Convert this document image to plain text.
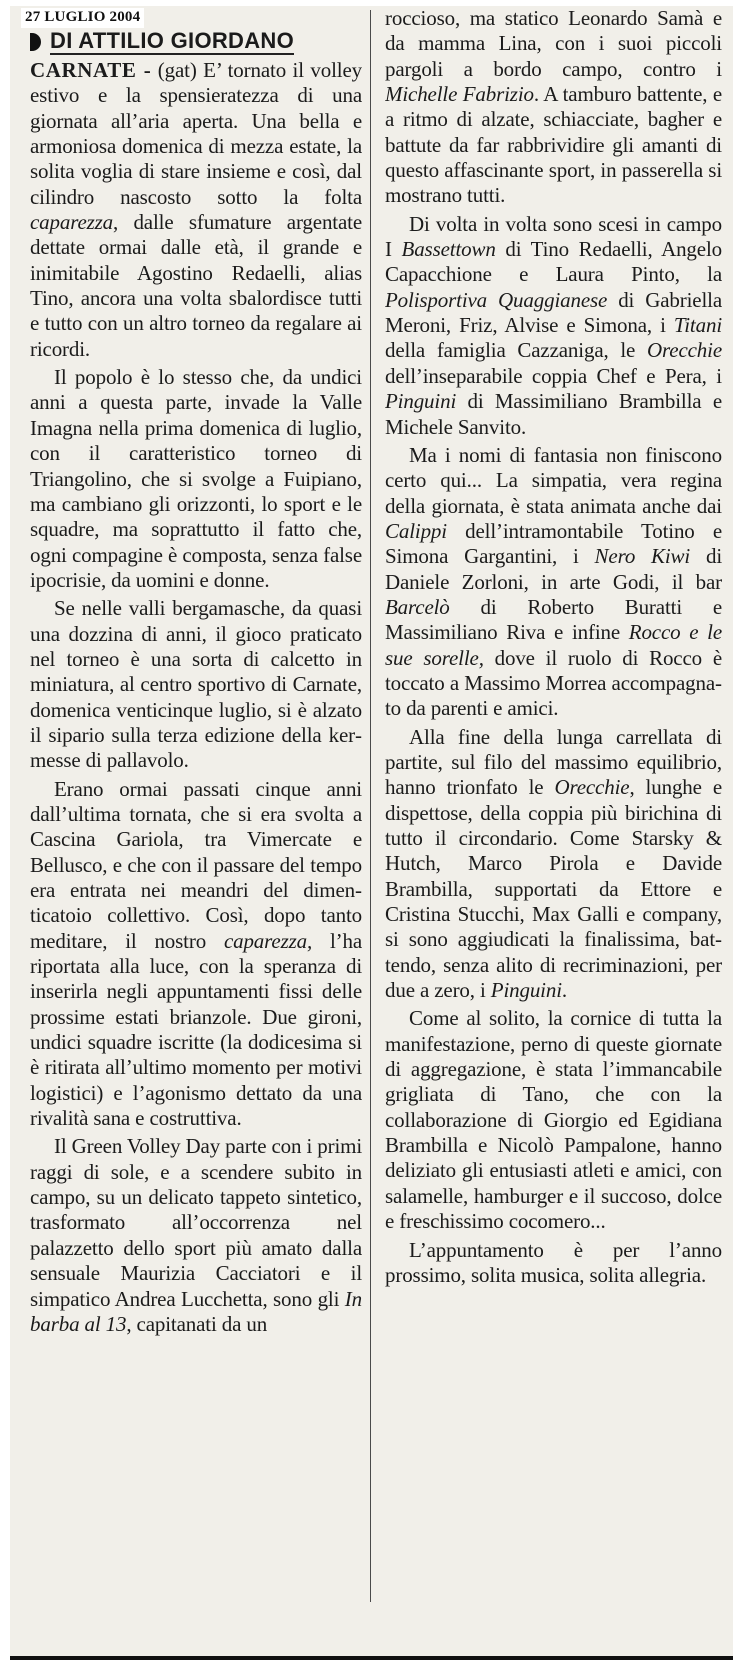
27 LUGLIO 2004
DI ATTILIO GIORDANO

CARNATE - (gat) E’ tornato il volley estivo e la spensieratezza di una giornata all’aria aperta. Una bella e armoniosa domenica di mezza estate, la solita voglia di stare insieme e così, dal cilindro nascosto sotto la folta caparezza, dalle sfumature argentate dettate ormai dalle età, il grande e inimitabile Agostino Redaelli, alias Tino, ancora una volta sbalordisce tutti e tutto con un altro torneo da regalare ai ricordi.

Il popolo è lo stesso che, da undici anni a questa parte, invade la Valle Imagna nella prima domenica di luglio, con il caratteristico torneo di Triangolino, che si svolge a Fuipiano, ma cambiano gli orizzonti, lo sport e le squadre, ma soprattutto il fatto che, ogni compagine è composta, senza false ipocrisie, da uomini e donne.

Se nelle valli bergamasche, da quasi una dozzina di anni, il gioco praticato nel torneo è una sorta di calcetto in miniatura, al centro sportivo di Carnate, domenica venticinque luglio, si è alzato il sipario sulla terza edizione della kermesse di pallavolo.

Erano ormai passati cinque anni dall’ultima tornata, che si era svolta a Cascina Gariola, tra Vimercate e Bellusco, e che con il passare del tempo era entrata nei meandri del dimenticatoio collettivo. Così, dopo tanto meditare, il nostro caparezza, l’ha riportata alla luce, con la speranza di inserirla negli appuntamenti fissi delle prossime estati brianzole. Due gironi, undici squadre iscritte (la dodicesima si è ritirata all’ultimo momento per motivi logistici) e l’agonismo dettato da una rivalità sana e costruttiva.

Il Green Volley Day parte con i primi raggi di sole, e a scendere subito in campo, su un delicato tappeto sintetico, trasformato all’occorrenza nel palazzetto dello sport più amato dalla sensuale Maurizia Cacciatori e il simpatico Andrea Lucchetta, sono gli In barba al 13, capitanati da un

roccioso, ma statico Leonardo Samà e da mamma Lina, con i suoi piccoli pargoli a bordo campo, contro i Michelle Fabrizio. A tamburo battente, e a ritmo di alzate, schiacciate, bagher e battute da far rabbrividire gli amanti di questo affascinante sport, in passerella si mostrano tutti.

Di volta in volta sono scesi in campo I Bassettown di Tino Redaelli, Angelo Capacchione e Laura Pinto, la Polisportiva Quaggianese di Gabriella Meroni, Friz, Alvise e Simona, i Titani della famiglia Cazzaniga, le Orecchie dell’inseparabile coppia Chef e Pera, i Pinguini di Massimiliano Brambilla e Michele Sanvito.

Ma i nomi di fantasia non finiscono certo qui... La simpatia, vera regina della giornata, è stata animata anche dai Calippi dell’intramontabile Totino e Simona Gargantini, i Nero Kiwi di Daniele Zorloni, in arte Godi, il bar Barcelò di Roberto Buratti e Massimiliano Riva e infine Rocco e le sue sorelle, dove il ruolo di Rocco è toccato a Massimo Morrea accompagnato da parenti e amici.

Alla fine della lunga carrellata di partite, sul filo del massimo equilibrio, hanno trionfato le Orecchie, lunghe e dispettose, della coppia più birichina di tutto il circondario. Come Starsky & Hutch, Marco Pirola e Davide Brambilla, supportati da Ettore e Cristina Stucchi, Max Galli e company, si sono aggiudicati la finalissima, battendo, senza alito di recriminazioni, per due a zero, i Pinguini.

Come al solito, la cornice di tutta la manifestazione, perno di queste giornate di aggregazione, è stata l’immancabile grigliata di Tano, che con la collaborazione di Giorgio ed Egidiana Brambilla e Nicolò Pampalone, hanno deliziato gli entusiasti atleti e amici, con salamelle, hamburger e il succoso, dolce e freschissimo cocomero...

L’appuntamento è per l’anno prossimo, solita musica, solita allegria.
